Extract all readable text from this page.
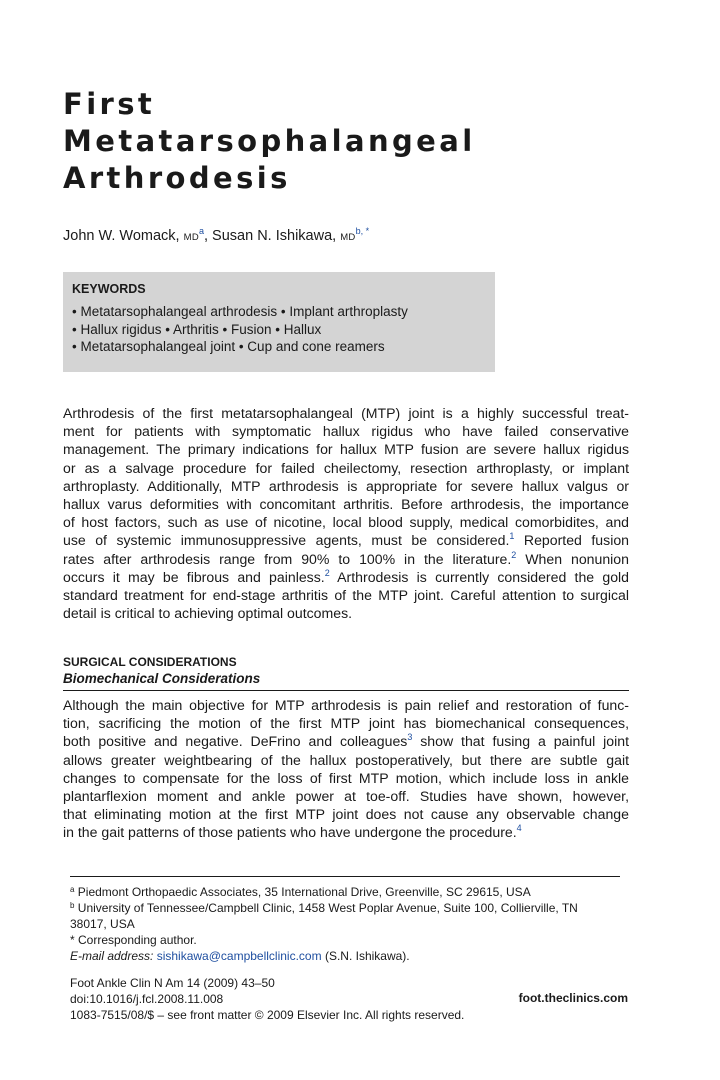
First
Metatarsophalangeal
Arthrodesis
John W. Womack, $MD^a$, Susan N. Ishikawa, $MD^{b, *}$
KEYWORDS
• Metatarsophalangeal arthrodesis • Implant arthroplasty
• Hallux rigidus • Arthritis • Fusion • Hallux
• Metatarsophalangeal joint • Cup and cone reamers
Arthrodesis of the first metatarsophalangeal (MTP) joint is a highly successful treat-
ment for patients with symptomatic hallux rigidus who have failed conservative
management. The primary indications for hallux MTP fusion are severe hallux rigidus
or as a salvage procedure for failed cheilectomy, resection arthroplasty, or implant
arthroplasty. Additionally, MTP arthrodesis is appropriate for severe hallux valgus or
hallux varus deformities with concomitant arthritis. Before arthrodesis, the importance
of host factors, such as use of nicotine, local blood supply, medical comorbidites, and
use of systemic immunosuppressive agents, must be considered.$^1$ Reported fusion
rates after arthrodesis range from 90% to 100% in the literature.$^2$ When nonunion
occurs it may be fibrous and painless.$^2$ Arthrodesis is currently considered the gold
standard treatment for end-stage arthritis of the MTP joint. Careful attention to surgical
detail is critical to achieving optimal outcomes.
SURGICAL CONSIDERATIONS
Biomechanical Considerations
Although the main objective for MTP arthrodesis is pain relief and restoration of func-
tion, sacrificing the motion of the first MTP joint has biomechanical consequences,
both positive and negative. DeFrino and colleagues$^3$ show that fusing a painful joint
allows greater weightbearing of the hallux postoperatively, but there are subtle gait
changes to compensate for the loss of first MTP motion, which include loss in ankle
plantarflexion moment and ankle power at toe-off. Studies have shown, however,
that eliminating motion at the first MTP joint does not cause any observable change
in the gait patterns of those patients who have undergone the procedure.$^4$
$^a$ Piedmont Orthopaedic Associates, 35 International Drive, Greenville, SC 29615, USA
$^b$ University of Tennessee/Campbell Clinic, 1458 West Poplar Avenue, Suite 100, Collierville, TN
38017, USA
* Corresponding author.
E-mail address: sishikawa@campbellclinic.com (S.N. Ishikawa).
Foot Ankle Clin N Am 14 (2009) 43–50
doi:10.1016/j.fcl.2008.11.008
1083-7515/08/$ – see front matter © 2009 Elsevier Inc. All rights reserved.
foot.theclinics.com
